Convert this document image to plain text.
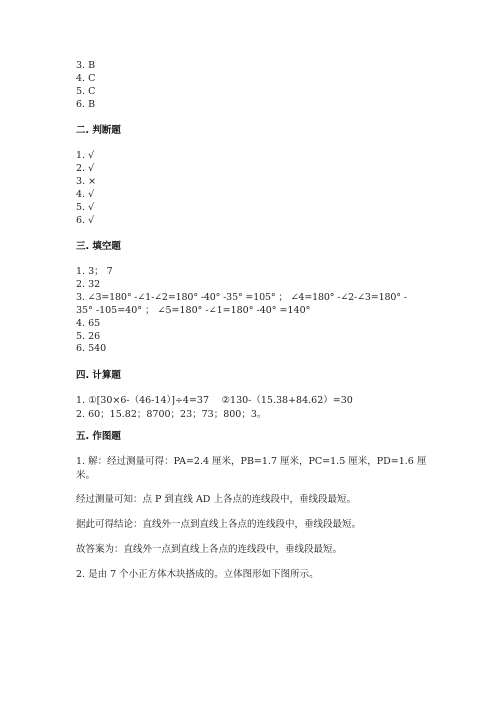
3. B
4. C
5. C
6. B
二. 判断题
1. √
2. √
3. ×
4. √
5. √
6. √
三. 填空题
1. 3； 7
2. 32
3. ∠3=180° -∠1-∠2=180° -40° -35° =105° ； ∠4=180° -∠2-∠3=180° -
35° -105=40° ； ∠5=180° -∠1=180° -40° =140°
4. 65
5. 26
6. 540
四. 计算题
1. ①[30×6-（46-14）]÷4=37　 ②130-（15.38+84.62）=30
2. 60；15.82；8700；23；73；800；3。
五. 作图题
1. 解：经过测量可得：PA=2.4 厘米，PB=1.7 厘米，PC=1.5 厘米，PD=1.6 厘
米。
经过测量可知：点 P 到直线 AD 上各点的连线段中，垂线段最短。
据此可得结论：直线外一点到直线上各点的连线段中，垂线段最短。
故答案为：直线外一点到直线上各点的连线段中，垂线段最短。
2. 是由 7 个小正方体木块搭成的。立体图形如下图所示。
